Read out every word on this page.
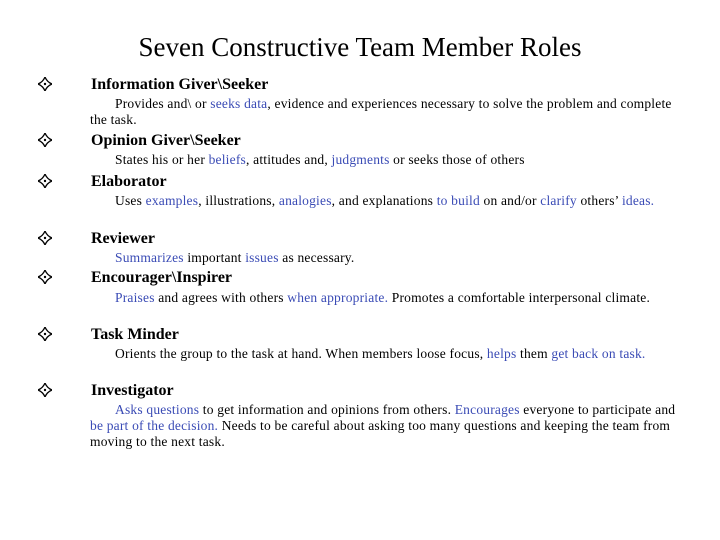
Seven Constructive Team Member Roles
Information Giver\Seeker
Provides and\ or seeks data, evidence and experiences necessary to solve the problem and complete the task.
Opinion Giver\Seeker
States his or her beliefs, attitudes and, judgments or seeks those of others
Elaborator
Uses examples, illustrations, analogies, and explanations to build on and/or clarify others’ ideas.
Reviewer
Summarizes important issues as necessary.
Encourager\Inspirer
Praises and agrees with others when appropriate. Promotes a comfortable interpersonal climate.
Task Minder
Orients the group to the task at hand. When members loose focus, helps them get back on task.
Investigator
Asks questions to get information and opinions from others. Encourages everyone to participate and be part of the decision. Needs to be careful about asking too many questions and keeping the team from moving to the next task.
